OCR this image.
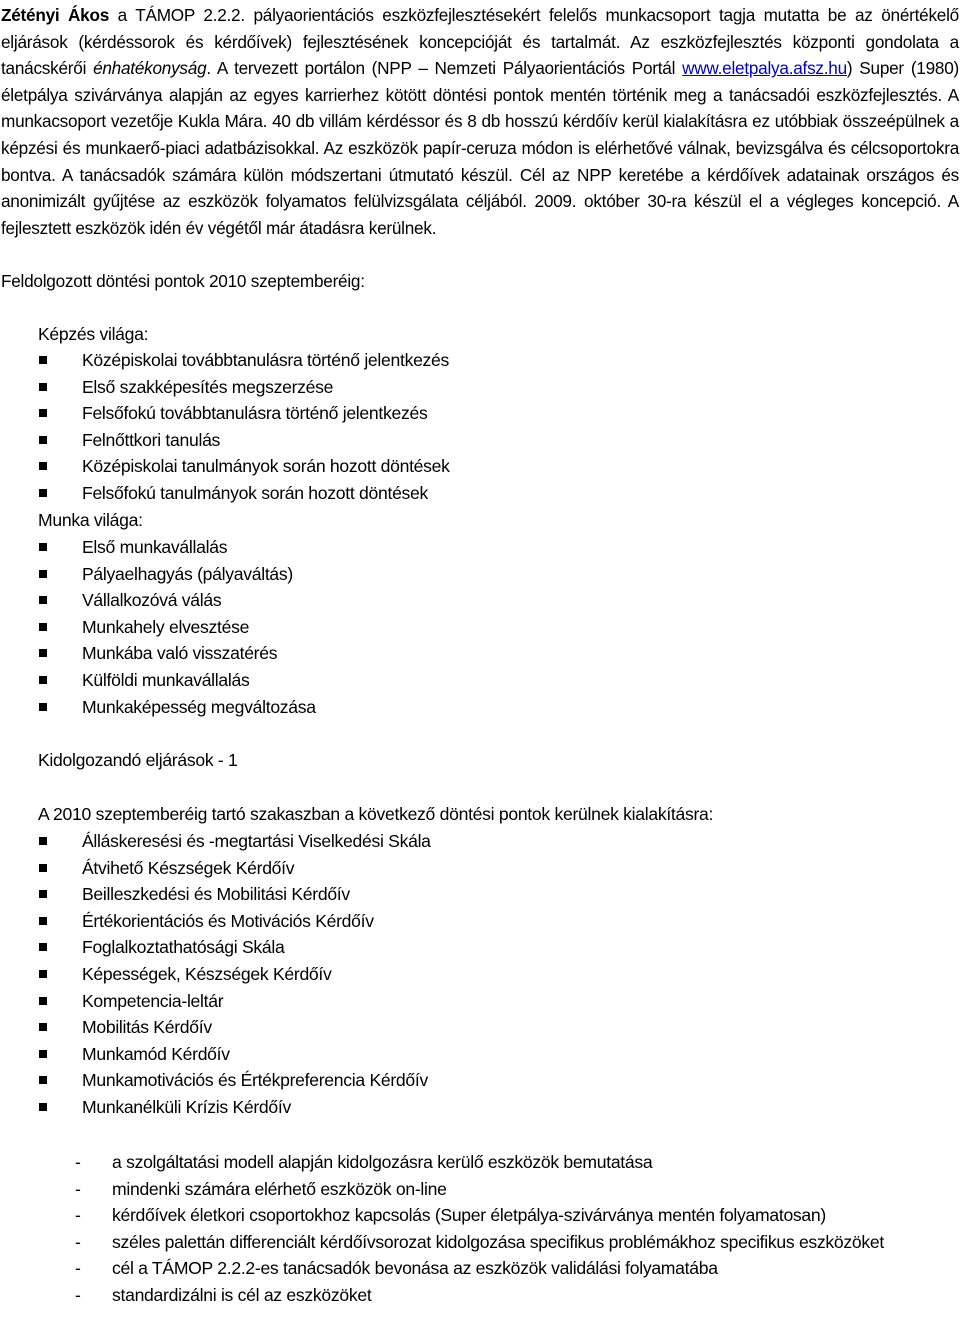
Zétényi Ákos a TÁMOP 2.2.2. pályaorientációs eszközfejlesztésekért felelős munkacsoport tagja mutatta be az önértékelő eljárások (kérdéssorok és kérdőívek) fejlesztésének koncepcióját és tartalmát. Az eszközfejlesztés központi gondolata a tanácskérői énhatékonyság. A tervezett portálon (NPP – Nemzeti Pályaorientációs Portál www.eletpalya.afsz.hu) Super (1980) életpálya szivárványa alapján az egyes karrierhez kötött döntési pontok mentén történik meg a tanácsadói eszközfejlesztés. A munkacsoport vezetője Kukla Mára. 40 db villám kérdéssor és 8 db hosszú kérdőív kerül kialakításra ez utóbbiak összeépülnek a képzési és munkaerő-piaci adatbázisokkal. Az eszközök papír-ceruza módon is elérhetővé válnak, bevizsgálva és célcsoportokra bontva. A tanácsadók számára külön módszertani útmutató készül. Cél az NPP keretébe a kérdőívek adatainak országos és anonimizált gyűjtése az eszközök folyamatos felülvizsgálata céljából. 2009. október 30-ra készül el a végleges koncepció. A fejlesztett eszközök idén év végétől már átadásra kerülnek.

Feldolgozott döntési pontok 2010 szeptemberéig:

Képzés világa:

Középiskolai továbbtanulásra történő jelentkezés
Első szakképesítés megszerzése
Felsőfokú továbbtanulásra történő jelentkezés
Felnőttkori tanulás
Középiskolai tanulmányok során hozott döntések
Felsőfokú tanulmányok során hozott döntések

Munka világa:

Első munkavállalás
Pályaelhagyás (pályaváltás)
Vállalkozóvá válás
Munkahely elvesztése
Munkába való visszatérés
Külföldi munkavállalás
Munkaképesség megváltozása

Kidolgozandó eljárások - 1

A 2010 szeptemberéig tartó szakaszban a következő döntési pontok kerülnek kialakításra:

Álláskeresési és -megtartási Viselkedési Skála
Átvihető Készségek Kérdőív
Beilleszkedési és Mobilitási Kérdőív
Értékorientációs és Motivációs Kérdőív
Foglalkoztathatósági Skála
Képességek, Készségek Kérdőív
Kompetencia-leltár
Mobilitás Kérdőív
Munkamód Kérdőív
Munkamotivációs és Értékpreferencia Kérdőív
Munkanélküli Krízis Kérdőív
- a szolgáltatási modell alapján kidolgozásra kerülő eszközök bemutatása
- mindenki számára elérhető eszközök on-line
- kérdőívek életkori csoportokhoz kapcsolás (Super életpálya-szivárványa mentén folyamatosan)
- széles palettán differenciált kérdőívsorozat kidolgozása specifikus problémákhoz specifikus eszközöket
- cél a TÁMOP 2.2.2-es tanácsadók bevonása az eszközök validálási folyamatába
- standardizálni is cél az eszközöket
